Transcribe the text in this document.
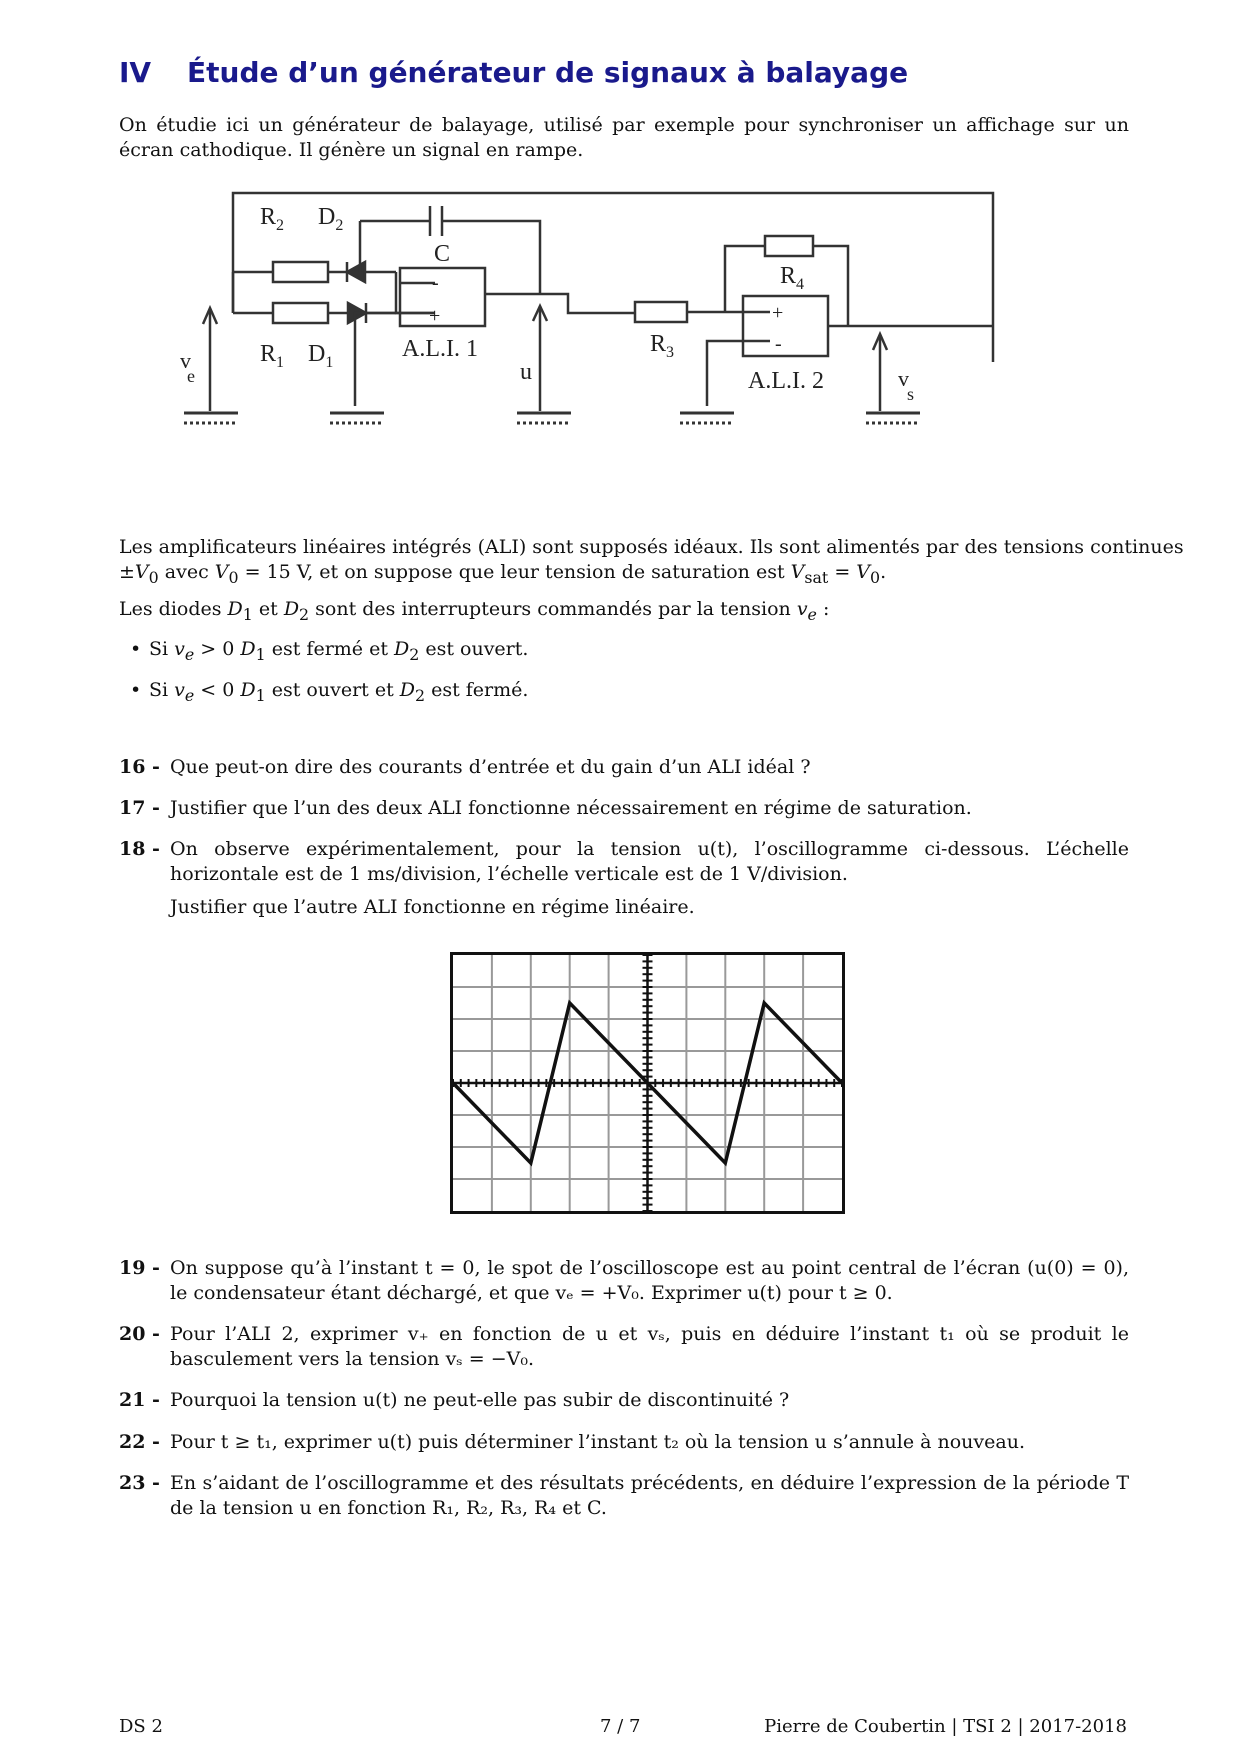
IV Étude d’un générateur de signaux à balayage
On étudie ici un générateur de balayage, utilisé par exemple pour synchroniser un affichage sur un écran cathodique. Il génère un signal en rampe.
$R_2$ $D_2$
$R_1$ $D_1$
C
-
+
A.L.I. 1
v e	u
$R_3$
$R_4$
+
-
A.L.I. 2	v s
Les amplificateurs linéaires intégrés (ALI) sont supposés idéaux. Ils sont alimentés par des tensions continues
$\pm V_0$ avec $V_0 = 15$ V, et on suppose que leur tension de saturation est $V_{sat} = V_0$.
Les diodes $D_1$ et $D_2$ sont des interrupteurs commandés par la tension $v_e$ :
• Si $v_e > 0$ $D_1$ est fermé et $D_2$ est ouvert.
• Si $v_e < 0$ $D_1$ est ouvert et $D_2$ est fermé.
16 - Que peut-on dire des courants d’entrée et du gain d’un ALI idéal ?
17 - Justifier que l’un des deux ALI fonctionne nécessairement en régime de saturation.
18 - On observe expérimentalement, pour la tension u(t), l’oscillogramme ci-dessous. L’échelle horizontale est de 1 ms/division, l’échelle verticale est de 1 V/division.
Justifier que l’autre ALI fonctionne en régime linéaire.
19 - On suppose qu’à l’instant t = 0, le spot de l’oscilloscope est au point central de l’écran (u(0) = 0), le condensateur étant déchargé, et que vₑ = +V₀. Exprimer u(t) pour t ≥ 0.
20 - Pour l’ALI 2, exprimer v₊ en fonction de u et vₛ, puis en déduire l’instant t₁ où se produit le basculement vers la tension vₛ = −V₀.
21 - Pourquoi la tension u(t) ne peut-elle pas subir de discontinuité ?
22 - Pour t ≥ t₁, exprimer u(t) puis déterminer l’instant t₂ où la tension u s’annule à nouveau.
23 - En s’aidant de l’oscillogramme et des résultats précédents, en déduire l’expression de la période T de la tension u en fonction R₁, R₂, R₃, R₄ et C.
DS 2	7 / 7	Pierre de Coubertin | TSI 2 | 2017-2018
